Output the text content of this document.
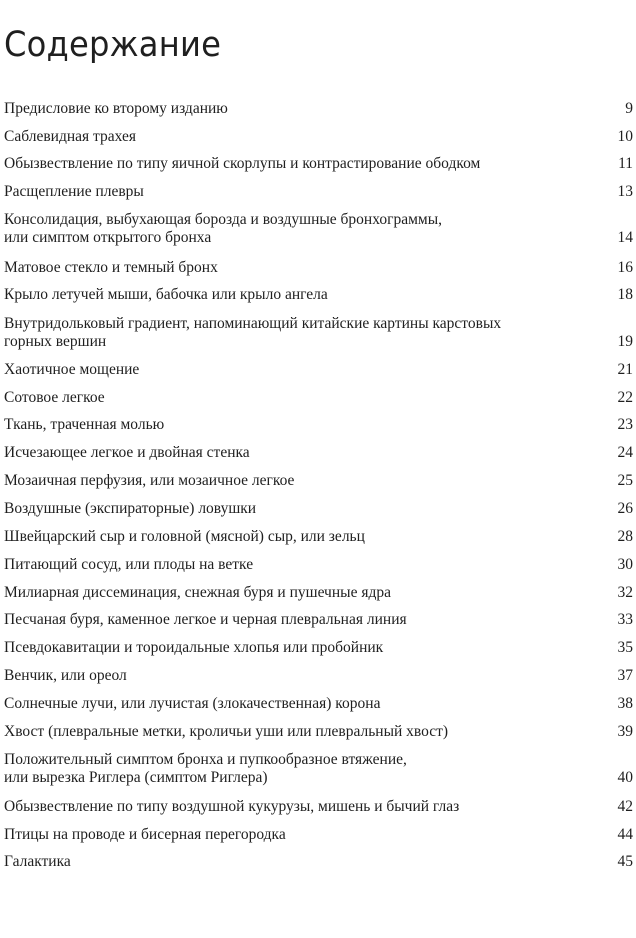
Содержание
Предисловие ко второму изданию	9
Саблевидная трахея	10
Обызвествление по типу яичной скорлупы и контрастирование ободком	11
Расщепление плевры	13
Консолидация, выбухающая борозда и воздушные бронхограммы,
или симптом открытого бронха	14
Матовое стекло и темный бронх	16
Крыло летучей мыши, бабочка или крыло ангела	18
Внутридольковый градиент, напоминающий китайские картины карстовых
горных вершин	19
Хаотичное мощение	21
Сотовое легкое	22
Ткань, траченная молью	23
Исчезающее легкое и двойная стенка	24
Мозаичная перфузия, или мозаичное легкое	25
Воздушные (экспираторные) ловушки	26
Швейцарский сыр и головной (мясной) сыр, или зельц	28
Питающий сосуд, или плоды на ветке	30
Милиарная диссеминация, снежная буря и пушечные ядра	32
Песчаная буря, каменное легкое и черная плевральная линия	33
Псевдокавитации и тороидальные хлопья или пробойник	35
Венчик, или ореол	37
Солнечные лучи, или лучистая (злокачественная) корона	38
Хвост (плевральные метки, кроличьи уши или плевральный хвост)	39
Положительный симптом бронха и пупкообразное втяжение,
или вырезка Риглера (симптом Риглера)	40
Обызвествление по типу воздушной кукурузы, мишень и бычий глаз	42
Птицы на проводе и бисерная перегородка	44
Галактика	45
